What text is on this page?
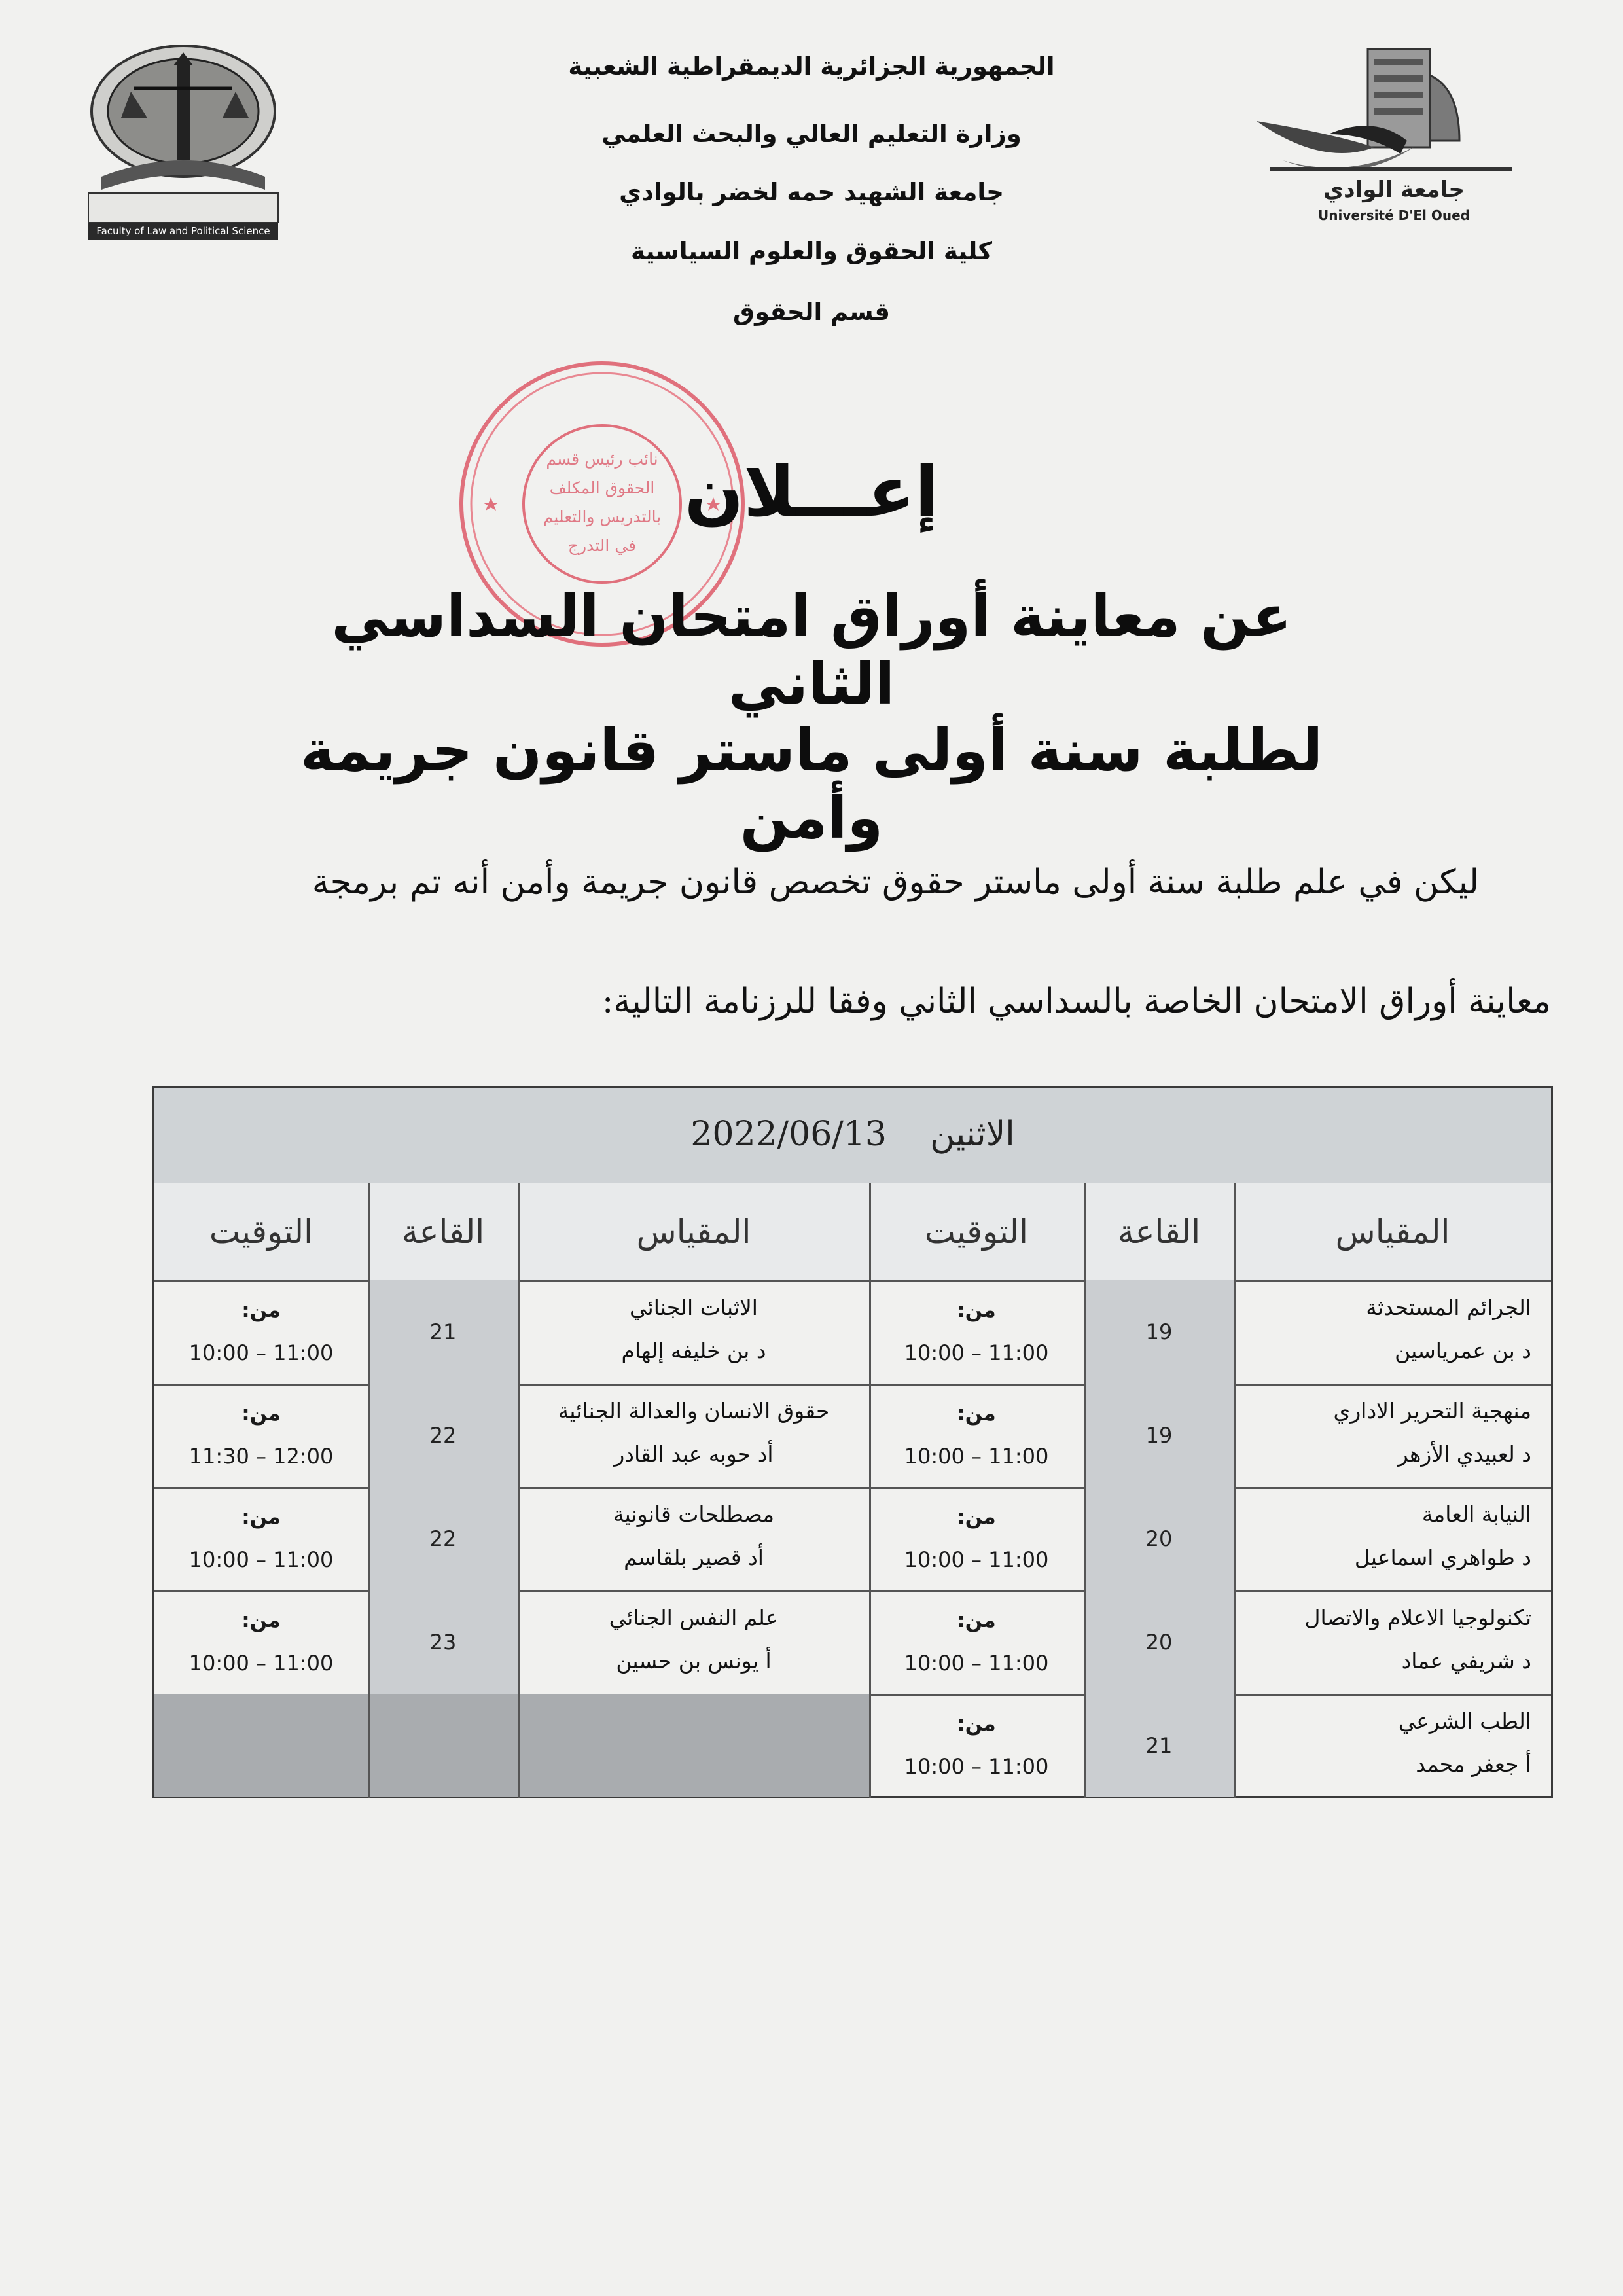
الجمهورية الجزائرية الديمقراطية الشعبية
وزارة التعليم العالي والبحث العلمي
جامعة الشهيد حمه لخضر بالوادي
كلية الحقوق والعلوم السياسية
قسم الحقوق
Faculty of Law and Political Science
جامعة الوادي
Université D'El Oued
نائب رئيس قسم الحقوق المكلف بالتدريس والتعليم في التدرج
إعـــلان
عن معاينة أوراق امتحان السداسي الثاني
لطلبة سنة أولى ماستر قانون جريمة وأمن
ليكن في علم طلبة سنة أولى ماستر حقوق تخصص قانون جريمة وأمن أنه تم برمجة
معاينة أوراق الامتحان الخاصة بالسداسي الثاني وفقا للرزنامة التالية:
الاثنين    2022/06/13
المقياس
القاعة
التوقيت
المقياس
القاعة
التوقيت
الجرائم المستحدثة
د بن عمرياسين
19
من:
10:00 – 11:00
الاثبات الجنائي
د بن خليفه إلهام
21
من:
10:00 – 11:00
منهجية التحرير الاداري
د لعبيدي الأزهر
19
من:
10:00 – 11:00
حقوق الانسان والعدالة الجنائية
أد حوبه عبد القادر
22
من:
11:30 – 12:00
النيابة العامة
د طواهري اسماعيل
20
من:
10:00 – 11:00
مصطلحات قانونية
أد قصير بلقاسم
22
من:
10:00 – 11:00
تكنولوجيا الاعلام والاتصال
د شريفي عماد
20
من:
10:00 – 11:00
علم النفس الجنائي
أ يونس بن حسين
23
من:
10:00 – 11:00
الطب الشرعي
أ جعفر محمد
21
من:
10:00 – 11:00
